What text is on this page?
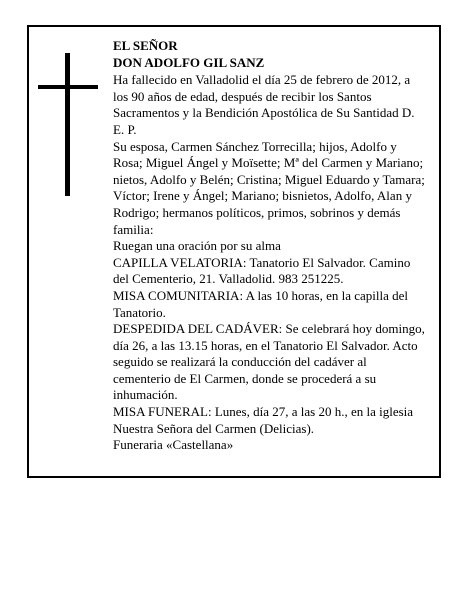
EL SEÑOR

DON ADOLFO GIL SANZ

Ha fallecido en Valladolid el día 25 de febrero de 2012, a los 90 años de edad, después de recibir los Santos Sacramentos y la Bendición Apostólica de Su Santidad D. E. P.

Su esposa, Carmen Sánchez Torrecilla; hijos, Adolfo y Rosa; Miguel Ángel y Moïsette; Mª del Carmen y Mariano; nietos, Adolfo y Belén; Cristina; Miguel Eduardo y Tamara; Víctor; Irene y Ángel; Mariano; bisnietos, Adolfo, Alan y Rodrigo; hermanos políticos, primos, sobrinos y demás familia:

Ruegan una oración por su alma

CAPILLA VELATORIA: Tanatorio El Salvador. Camino del Cementerio, 21. Valladolid. 983 251225.

MISA COMUNITARIA: A las 10 horas, en la capilla del Tanatorio.

DESPEDIDA DEL CADÁVER: Se celebrará hoy domingo, día 26, a las 13.15 horas, en el Tanatorio El Salvador. Acto seguido se realizará la conducción del cadáver al cementerio de El Carmen, donde se procederá a su inhumación.

MISA FUNERAL: Lunes, día 27, a las 20 h., en la iglesia Nuestra Señora del Carmen (Delicias).

Funeraria «Castellana»
